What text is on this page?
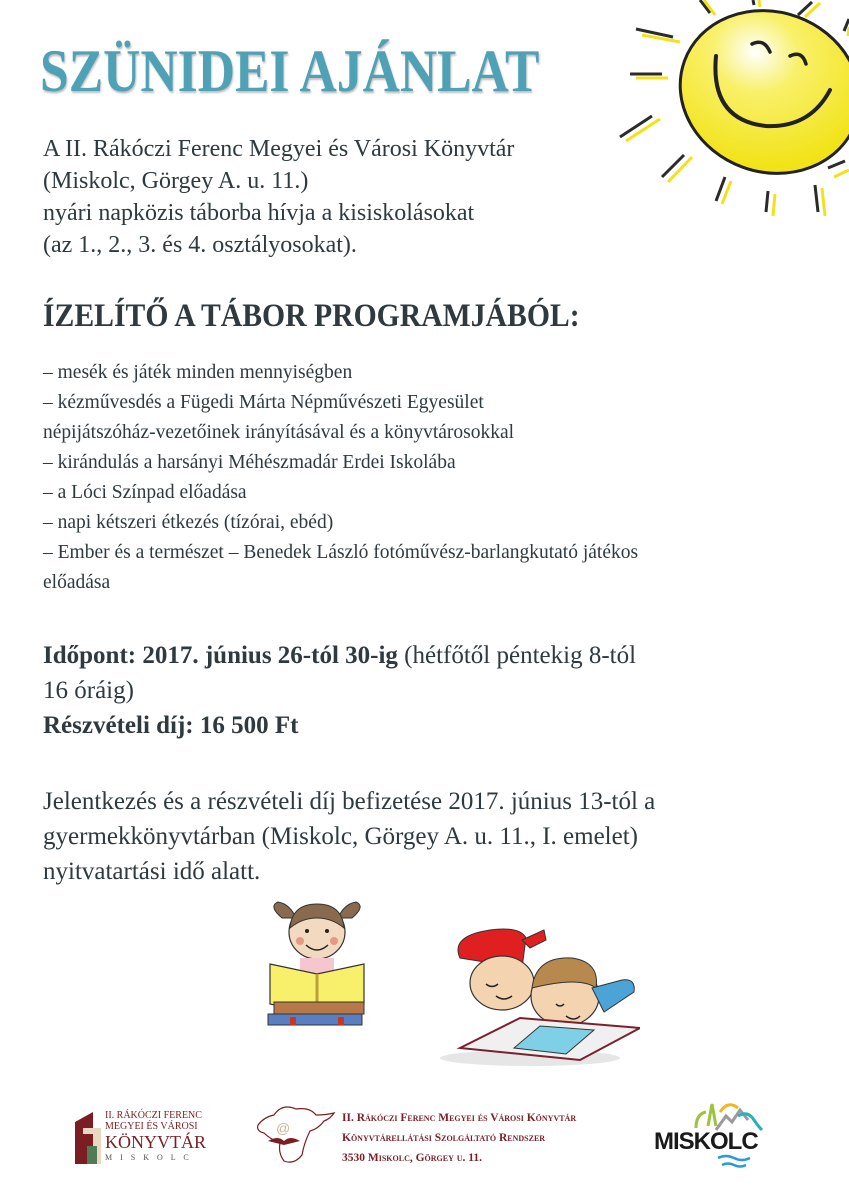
SZÜNIDEI AJÁNLAT
A II. Rákóczi Ferenc Megyei és Városi Könyvtár
(Miskolc, Görgey A. u. 11.)
nyári napközis táborba hívja a kisiskolásokat
(az 1., 2., 3. és 4. osztályosokat).
ÍZELÍTŐ A TÁBOR PROGRAMJÁBÓL:
– mesék és játék minden mennyiségben
– kézművesdés a Fügedi Márta Népművészeti Egyesület
népijátszóház-vezetőinek irányításával és a könyvtárosokkal
– kirándulás a harsányi Méhészmadár Erdei Iskolába
– a Lóci Színpad előadása
– napi kétszeri étkezés (tízórai, ebéd)
– Ember és a természet – Benedek László fotóművész-barlangkutató játékos
előadása
Időpont: 2017. június 26-tól 30-ig (hétfőtől péntekig 8-tól
16 óráig)
Részvételi díj: 16 500 Ft
Jelentkezés és a részvételi díj befizetése 2017. június 13-tól a
gyermekkönyvtárban (Miskolc, Görgey A. u. 11., I. emelet)
nyitvatartási idő alatt.
II. RÁKÓCZI FERENC
MEGYEI ÉS VÁROSI
KÖNYVTÁR
M I S K O L C
@
II. Rákóczi Ferenc Megyei és Városi Könyvtár
Könyvtárellátási Szolgáltató Rendszer
3530 Miskolc, Görgey u. 11.
MISKOLC
